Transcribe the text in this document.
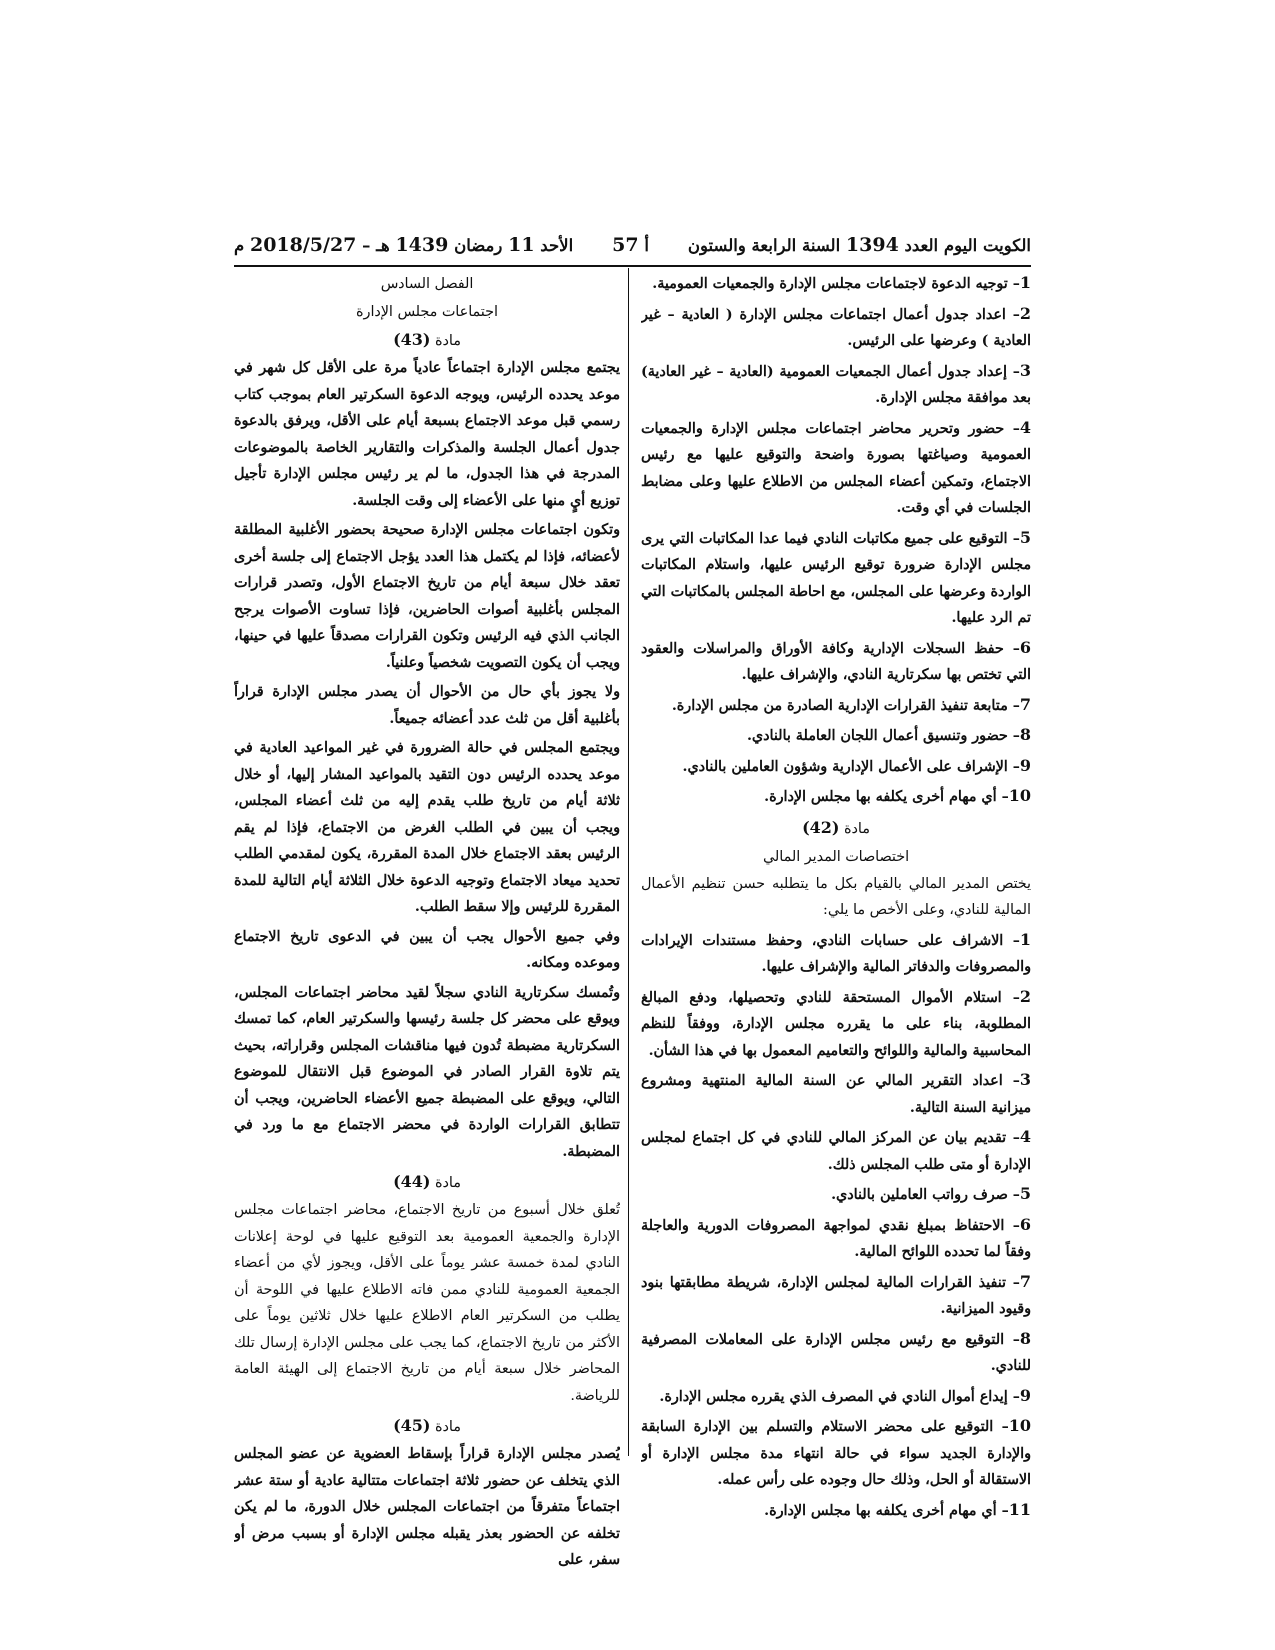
الكويت اليوم العدد 1394 السنة الرابعة والستون
أ 57
الأحد 11 رمضان 1439 هـ – 2018/5/27 م

1– توجيه الدعوة لاجتماعات مجلس الإدارة والجمعيات العمومية.

2– اعداد جدول أعمال اجتماعات مجلس الإدارة ( العادية – غير العادية ) وعرضها على الرئيس.

3– إعداد جدول أعمال الجمعيات العمومية (العادية – غير العادية) بعد موافقة مجلس الإدارة.

4– حضور وتحرير محاضر اجتماعات مجلس الإدارة والجمعيات العمومية وصياغتها بصورة واضحة والتوقيع عليها مع رئيس الاجتماع، وتمكين أعضاء المجلس من الاطلاع عليها وعلى مضابط الجلسات في أي وقت.

5– التوقيع على جميع مكاتبات النادي فيما عدا المكاتبات التي يرى مجلس الإدارة ضرورة توقيع الرئيس عليها، واستلام المكاتبات الواردة وعرضها على المجلس، مع احاطة المجلس بالمكاتبات التي تم الرد عليها.

6– حفظ السجلات الإدارية وكافة الأوراق والمراسلات والعقود التي تختص بها سكرتارية النادي، والإشراف عليها.

7– متابعة تنفيذ القرارات الإدارية الصادرة من مجلس الإدارة.

8– حضور وتنسيق أعمال اللجان العاملة بالنادي.

9– الإشراف على الأعمال الإدارية وشؤون العاملين بالنادي.

10– أي مهام أخرى يكلفه بها مجلس الإدارة.

مادة (42)

اختصاصات المدير المالي

يختص المدير المالي بالقيام بكل ما يتطلبه حسن تنظيم الأعمال المالية للنادي، وعلى الأخص ما يلي:

1– الاشراف على حسابات النادي، وحفظ مستندات الإيرادات والمصروفات والدفاتر المالية والإشراف عليها.

2– استلام الأموال المستحقة للنادي وتحصيلها، ودفع المبالغ المطلوبة، بناء على ما يقرره مجلس الإدارة، ووفقاً للنظم المحاسبية والمالية واللوائح والتعاميم المعمول بها في هذا الشأن.

3– اعداد التقرير المالي عن السنة المالية المنتهية ومشروع ميزانية السنة التالية.

4– تقديم بيان عن المركز المالي للنادي في كل اجتماع لمجلس الإدارة أو متى طلب المجلس ذلك.

5– صرف رواتب العاملين بالنادي.

6– الاحتفاظ بمبلغ نقدي لمواجهة المصروفات الدورية والعاجلة وفقاً لما تحدده اللوائح المالية.

7– تنفيذ القرارات المالية لمجلس الإدارة، شريطة مطابقتها بنود وقيود الميزانية.

8– التوقيع مع رئيس مجلس الإدارة على المعاملات المصرفية للنادي.

9– إيداع أموال النادي في المصرف الذي يقرره مجلس الإدارة.

10– التوقيع على محضر الاستلام والتسلم بين الإدارة السابقة والإدارة الجديد سواء في حالة انتهاء مدة مجلس الإدارة أو الاستقالة أو الحل، وذلك حال وجوده على رأس عمله.

11– أي مهام أخرى يكلفه بها مجلس الإدارة.

الفصل السادس

اجتماعات مجلس الإدارة

مادة (43)

يجتمع مجلس الإدارة اجتماعاً عادياً مرة على الأقل كل شهر في موعد يحدده الرئيس، ويوجه الدعوة السكرتير العام بموجب كتاب رسمي قبل موعد الاجتماع بسبعة أيام على الأقل، ويرفق بالدعوة جدول أعمال الجلسة والمذكرات والتقارير الخاصة بالموضوعات المدرجة في هذا الجدول، ما لم ير رئيس مجلس الإدارة تأجيل توزيع أيٍ منها على الأعضاء إلى وقت الجلسة.

وتكون اجتماعات مجلس الإدارة صحيحة بحضور الأغلبية المطلقة لأعضائه، فإذا لم يكتمل هذا العدد يؤجل الاجتماع إلى جلسة أخرى تعقد خلال سبعة أيام من تاريخ الاجتماع الأول، وتصدر قرارات المجلس بأغلبية أصوات الحاضرين، فإذا تساوت الأصوات يرجح الجانب الذي فيه الرئيس وتكون القرارات مصدقاً عليها في حينها، ويجب أن يكون التصويت شخصياً وعلنياً.

ولا يجوز بأي حال من الأحوال أن يصدر مجلس الإدارة قراراً بأغلبية أقل من ثلث عدد أعضائه جميعاً.

ويجتمع المجلس في حالة الضرورة في غير المواعيد العادية في موعد يحدده الرئيس دون التقيد بالمواعيد المشار إليها، أو خلال ثلاثة أيام من تاريخ طلب يقدم إليه من ثلث أعضاء المجلس، ويجب أن يبين في الطلب الغرض من الاجتماع، فإذا لم يقم الرئيس بعقد الاجتماع خلال المدة المقررة، يكون لمقدمي الطلب تحديد ميعاد الاجتماع وتوجيه الدعوة خلال الثلاثة أيام التالية للمدة المقررة للرئيس وإلا سقط الطلب.

وفي جميع الأحوال يجب أن يبين في الدعوى تاريخ الاجتماع وموعده ومكانه.

وتُمسك سكرتارية النادي سجلاً لقيد محاضر اجتماعات المجلس، ويوقع على محضر كل جلسة رئيسها والسكرتير العام، كما تمسك السكرتارية مضبطة تُدون فيها مناقشات المجلس وقراراته، بحيث يتم تلاوة القرار الصادر في الموضوع قبل الانتقال للموضوع التالي، ويوقع على المضبطة جميع الأعضاء الحاضرين، ويجب أن تتطابق القرارات الواردة في محضر الاجتماع مع ما ورد في المضبطة.

مادة (44)

تُعلق خلال أسبوع من تاريخ الاجتماع، محاضر اجتماعات مجلس الإدارة والجمعية العمومية بعد التوقيع عليها في لوحة إعلانات النادي لمدة خمسة عشر يوماً على الأقل، ويجوز لأي من أعضاء الجمعية العمومية للنادي ممن فاته الاطلاع عليها في اللوحة أن يطلب من السكرتير العام الاطلاع عليها خلال ثلاثين يوماً على الأكثر من تاريخ الاجتماع، كما يجب على مجلس الإدارة إرسال تلك المحاضر خلال سبعة أيام من تاريخ الاجتماع إلى الهيئة العامة للرياضة.

مادة (45)

يُصدر مجلس الإدارة قراراً بإسقاط العضوية عن عضو المجلس الذي يتخلف عن حضور ثلاثة اجتماعات متتالية عادية أو ستة عشر اجتماعاً متفرقاً من اجتماعات المجلس خلال الدورة، ما لم يكن تخلفه عن الحضور بعذر يقبله مجلس الإدارة أو بسبب مرض أو سفر، على
